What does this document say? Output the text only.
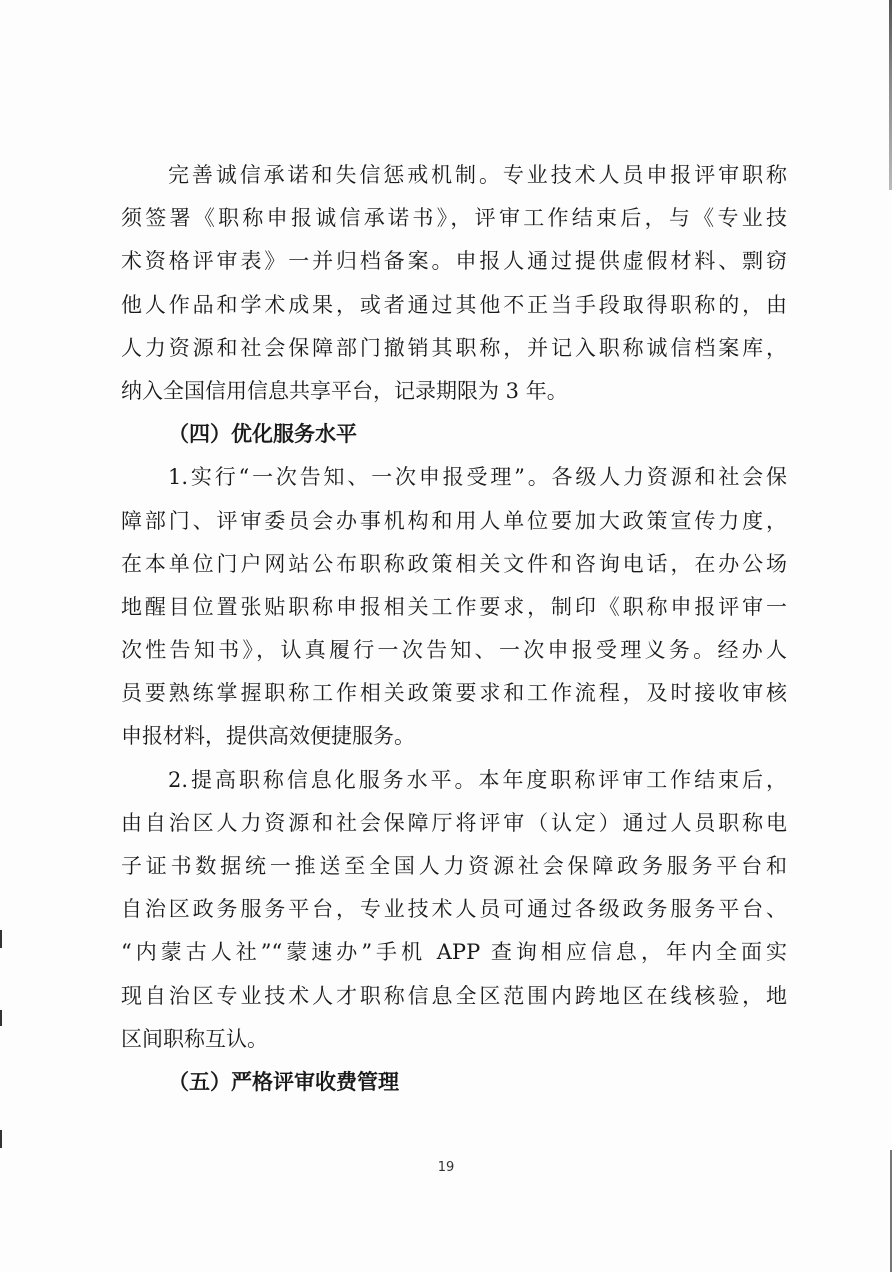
完善诚信承诺和失信惩戒机制。专业技术人员申报评审职称
须签署《职称申报诚信承诺书》，评审工作结束后，与《专业技
术资格评审表》一并归档备案。申报人通过提供虚假材料、剽窃
他人作品和学术成果，或者通过其他不正当手段取得职称的，由
人力资源和社会保障部门撤销其职称，并记入职称诚信档案库，
纳入全国信用信息共享平台，记录期限为 3 年。
（四）优化服务水平
1.实行“一次告知、一次申报受理”。各级人力资源和社会保
障部门、评审委员会办事机构和用人单位要加大政策宣传力度，
在本单位门户网站公布职称政策相关文件和咨询电话，在办公场
地醒目位置张贴职称申报相关工作要求，制印《职称申报评审一
次性告知书》，认真履行一次告知、一次申报受理义务。经办人
员要熟练掌握职称工作相关政策要求和工作流程，及时接收审核
申报材料，提供高效便捷服务。
2.提高职称信息化服务水平。本年度职称评审工作结束后，
由自治区人力资源和社会保障厅将评审（认定）通过人员职称电
子证书数据统一推送至全国人力资源社会保障政务服务平台和
自治区政务服务平台，专业技术人员可通过各级政务服务平台、
“内蒙古人社”“蒙速办”手机 APP 查询相应信息，年内全面实
现自治区专业技术人才职称信息全区范围内跨地区在线核验，地
区间职称互认。
（五）严格评审收费管理
19
